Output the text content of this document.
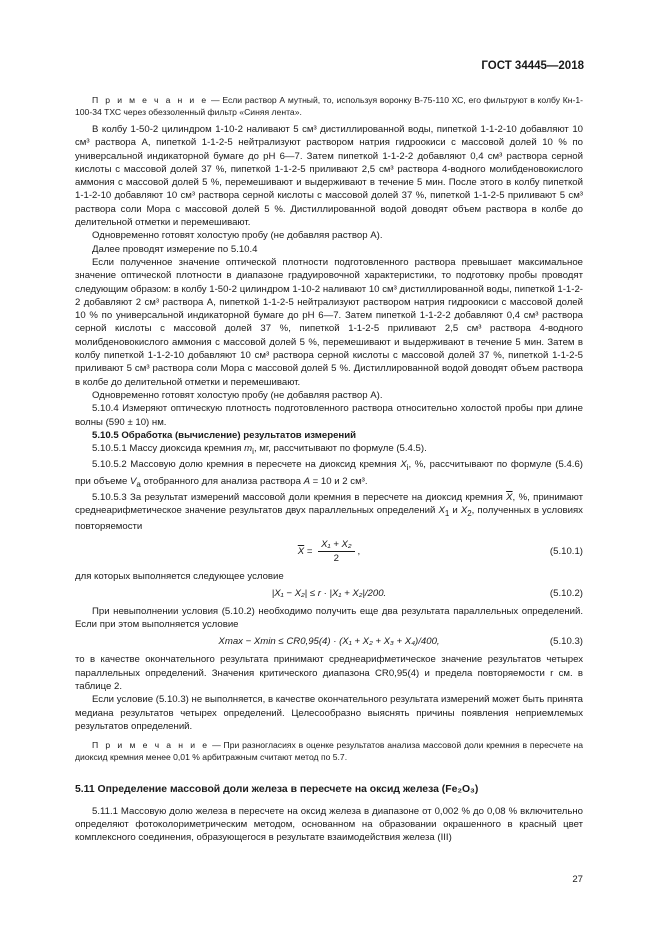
ГОСТ 34445—2018

П р и м е ч а н и е — Если раствор А мутный, то, используя воронку В-75-110 ХС, его фильтруют в колбу Кн-1-100-34 ТХС через обеззоленный фильтр «Синяя лента».

В колбу 1-50-2 цилиндром 1-10-2 наливают 5 см³ дистиллированной воды, пипеткой 1-1-2-10 добавляют 10 см³ раствора А, пипеткой 1-1-2-5 нейтрализуют раствором натрия гидроокиси с массовой долей 10 % по универсальной индикаторной бумаге до рН 6—7. Затем пипеткой 1-1-2-2 добавляют 0,4 см³ раствора серной кислоты с массовой долей 37 %, пипеткой 1-1-2-5 приливают 2,5 см³ раствора 4-водного молибденовокислого аммония с массовой долей 5 %, перемешивают и выдерживают в течение 5 мин. После этого в колбу пипеткой 1-1-2-10 добавляют 10 см³ раствора серной кислоты с массовой долей 37 %, пипеткой 1-1-2-5 приливают 5 см³ раствора соли Мора с массовой долей 5 %. Дистиллированной водой доводят объем раствора в колбе до делительной отметки и перемешивают.

Одновременно готовят холостую пробу (не добавляя раствор А).

Далее проводят измерение по 5.10.4

Если полученное значение оптической плотности подготовленного раствора превышает максимальное значение оптической плотности в диапазоне градуировочной характеристики, то подготовку пробы проводят следующим образом: в колбу 1-50-2 цилиндром 1-10-2 наливают 10 см³ дистиллированной воды, пипеткой 1-1-2-2 добавляют 2 см³ раствора А, пипеткой 1-1-2-5 нейтрализуют раствором натрия гидроокиси с массовой долей 10 % по универсальной индикаторной бумаге до рН 6—7. Затем пипеткой 1-1-2-2 добавляют 0,4 см³ раствора серной кислоты с массовой долей 37 %, пипеткой 1-1-2-5 приливают 2,5 см³ раствора 4-водного молибденовокислого аммония с массовой долей 5 %, перемешивают и выдерживают в течение 5 мин. Затем в колбу пипеткой 1-1-2-10 добавляют 10 см³ раствора серной кислоты с массовой долей 37 %, пипеткой 1-1-2-5 приливают 5 см³ раствора соли Мора с массовой долей 5 %. Дистиллированной водой доводят объем раствора в колбе до делительной отметки и перемешивают.

Одновременно готовят холостую пробу (не добавляя раствор А).

5.10.4 Измеряют оптическую плотность подготовленного раствора относительно холостой пробы при длине волны (590 ± 10) нм.

5.10.5 Обработка (вычисление) результатов измерений

5.10.5.1 Массу диоксида кремния $m_i$, мг, рассчитывают по формуле (5.4.5).

5.10.5.2 Массовую долю кремния в пересчете на диоксид кремния $X_i$, %, рассчитывают по формуле (5.4.6) при объеме $V_а$ отобранного для анализа раствора А = 10 и 2 см³.

5.10.5.3 За результат измерений массовой доли кремния в пересчете на диоксид кремния $\overline{X}$, %, принимают среднеарифметическое значение результатов двух параллельных определений $X_1$ и $X_2$, полученных в условиях повторяемости

$\overline{X} = \frac{\text{X₁ + X₂}}{2}$ ,	(5.10.1)

для которых выполняется следующее условие

|X₁ − X₂| ≤ r · |X₁ + X₂|/200.	(5.10.2)

При невыполнении условия (5.10.2) необходимо получить еще два результата параллельных определений. Если при этом выполняется условие

Xmax − Xmin ≤ CR0,95(4) · (X₁ + X₂ + X₃ + X₄)/400,	(5.10.3)

то в качестве окончательного результата принимают среднеарифметическое значение результатов четырех параллельных определений. Значения критического диапазона CR0,95(4) и предела повторяемости r см. в таблице 2.

Если условие (5.10.3) не выполняется, в качестве окончательного результата измерений может быть принята медиана результатов четырех определений. Целесообразно выяснять причины появления неприемлемых результатов определений.

П р и м е ч а н и е — При разногласиях в оценке результатов анализа массовой доли кремния в пересчете на диоксид кремния менее 0,01 % арбитражным считают метод по 5.7.

5.11 Определение массовой доли железа в пересчете на оксид железа (Fe₂O₃)

5.11.1 Массовую долю железа в пересчете на оксид железа в диапазоне от 0,002 % до 0,08 % включительно определяют фотоколориметрическим методом, основанном на образовании окрашенного в красный цвет комплексного соединения, образующегося в результате взаимодействия железа (III)

27
